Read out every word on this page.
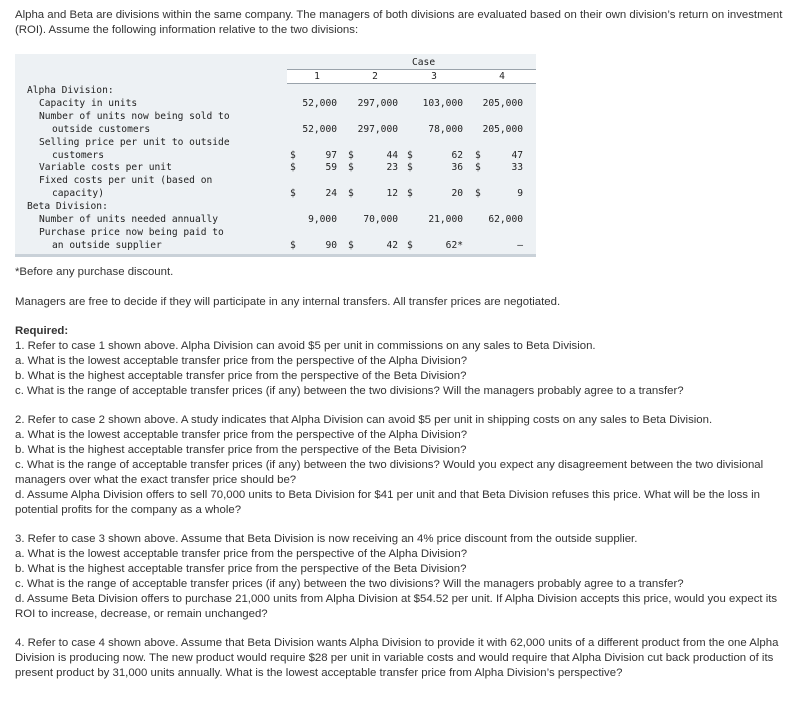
Alpha and Beta are divisions within the same company. The managers of both divisions are evaluated based on their own division’s return on investment (ROI). Assume the following information relative to the two divisions:
Case
1	2	3	4
Alpha Division:
Capacity in units	52,000	297,000	103,000	205,000
Number of units now being sold to
outside customers	52,000	297,000	78,000	205,000
Selling price per unit to outside
customers	$	97 $	44 $	62 $	47
Variable costs per unit	$	59 $	23 $	36 $	33
Fixed costs per unit (based on
capacity)	$	24 $	12 $	20 $	9
Beta Division:
Number of units needed annually	9,000	70,000	21,000	62,000
Purchase price now being paid to
an outside supplier	$	90 $	42 $	62*	–

*Before any purchase discount.

Managers are free to decide if they will participate in any internal transfers. All transfer prices are negotiated.

Required:

1. Refer to case 1 shown above. Alpha Division can avoid $5 per unit in commissions on any sales to Beta Division.

a. What is the lowest acceptable transfer price from the perspective of the Alpha Division?

b. What is the highest acceptable transfer price from the perspective of the Beta Division?

c. What is the range of acceptable transfer prices (if any) between the two divisions? Will the managers probably agree to a transfer?

2. Refer to case 2 shown above. A study indicates that Alpha Division can avoid $5 per unit in shipping costs on any sales to Beta Division.

a. What is the lowest acceptable transfer price from the perspective of the Alpha Division?

b. What is the highest acceptable transfer price from the perspective of the Beta Division?

c. What is the range of acceptable transfer prices (if any) between the two divisions? Would you expect any disagreement between the two divisional managers over what the exact transfer price should be?

d. Assume Alpha Division offers to sell 70,000 units to Beta Division for $41 per unit and that Beta Division refuses this price. What will be the loss in potential profits for the company as a whole?

3. Refer to case 3 shown above. Assume that Beta Division is now receiving an 4% price discount from the outside supplier.

a. What is the lowest acceptable transfer price from the perspective of the Alpha Division?

b. What is the highest acceptable transfer price from the perspective of the Beta Division?

c. What is the range of acceptable transfer prices (if any) between the two divisions? Will the managers probably agree to a transfer?

d. Assume Beta Division offers to purchase 21,000 units from Alpha Division at $54.52 per unit. If Alpha Division accepts this price, would you expect its ROI to increase, decrease, or remain unchanged?

4. Refer to case 4 shown above. Assume that Beta Division wants Alpha Division to provide it with 62,000 units of a different product from the one Alpha Division is producing now. The new product would require $28 per unit in variable costs and would require that Alpha Division cut back production of its present product by 31,000 units annually. What is the lowest acceptable transfer price from Alpha Division’s perspective?
